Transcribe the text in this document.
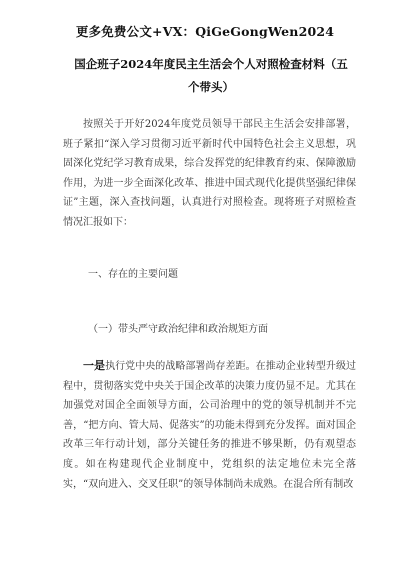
更多免费公文+VX：QiGeGongWen2024
国企班子2024年度民主生活会个人对照检查材料（五个带头）

按照关于开好2024年度党员领导干部民主生活会安排部署，班子紧扣“深入学习贯彻习近平新时代中国特色社会主义思想，巩固深化党纪学习教育成果，综合发挥党的纪律教育约束、保障激励作用，为进一步全面深化改革、推进中国式现代化提供坚强纪律保证”主题，深入查找问题，认真进行对照检查。现将班子对照检查情况汇报如下：

一、存在的主要问题
（一）带头严守政治纪律和政治规矩方面

一是执行党中央的战略部署尚存差距。在推动企业转型升级过程中，贯彻落实党中央关于国企改革的决策力度仍显不足。尤其在加强党对国企全面领导方面，公司治理中的党的领导机制并不完善，“把方向、管大局、促落实”的功能未得到充分发挥。面对国企改革三年行动计划，部分关键任务的推进不够果断，仍有观望态度。如在构建现代企业制度中，党组织的法定地位未完全落实，“双向进入、交叉任职”的领导体制尚未成熟。在混合所有制改
